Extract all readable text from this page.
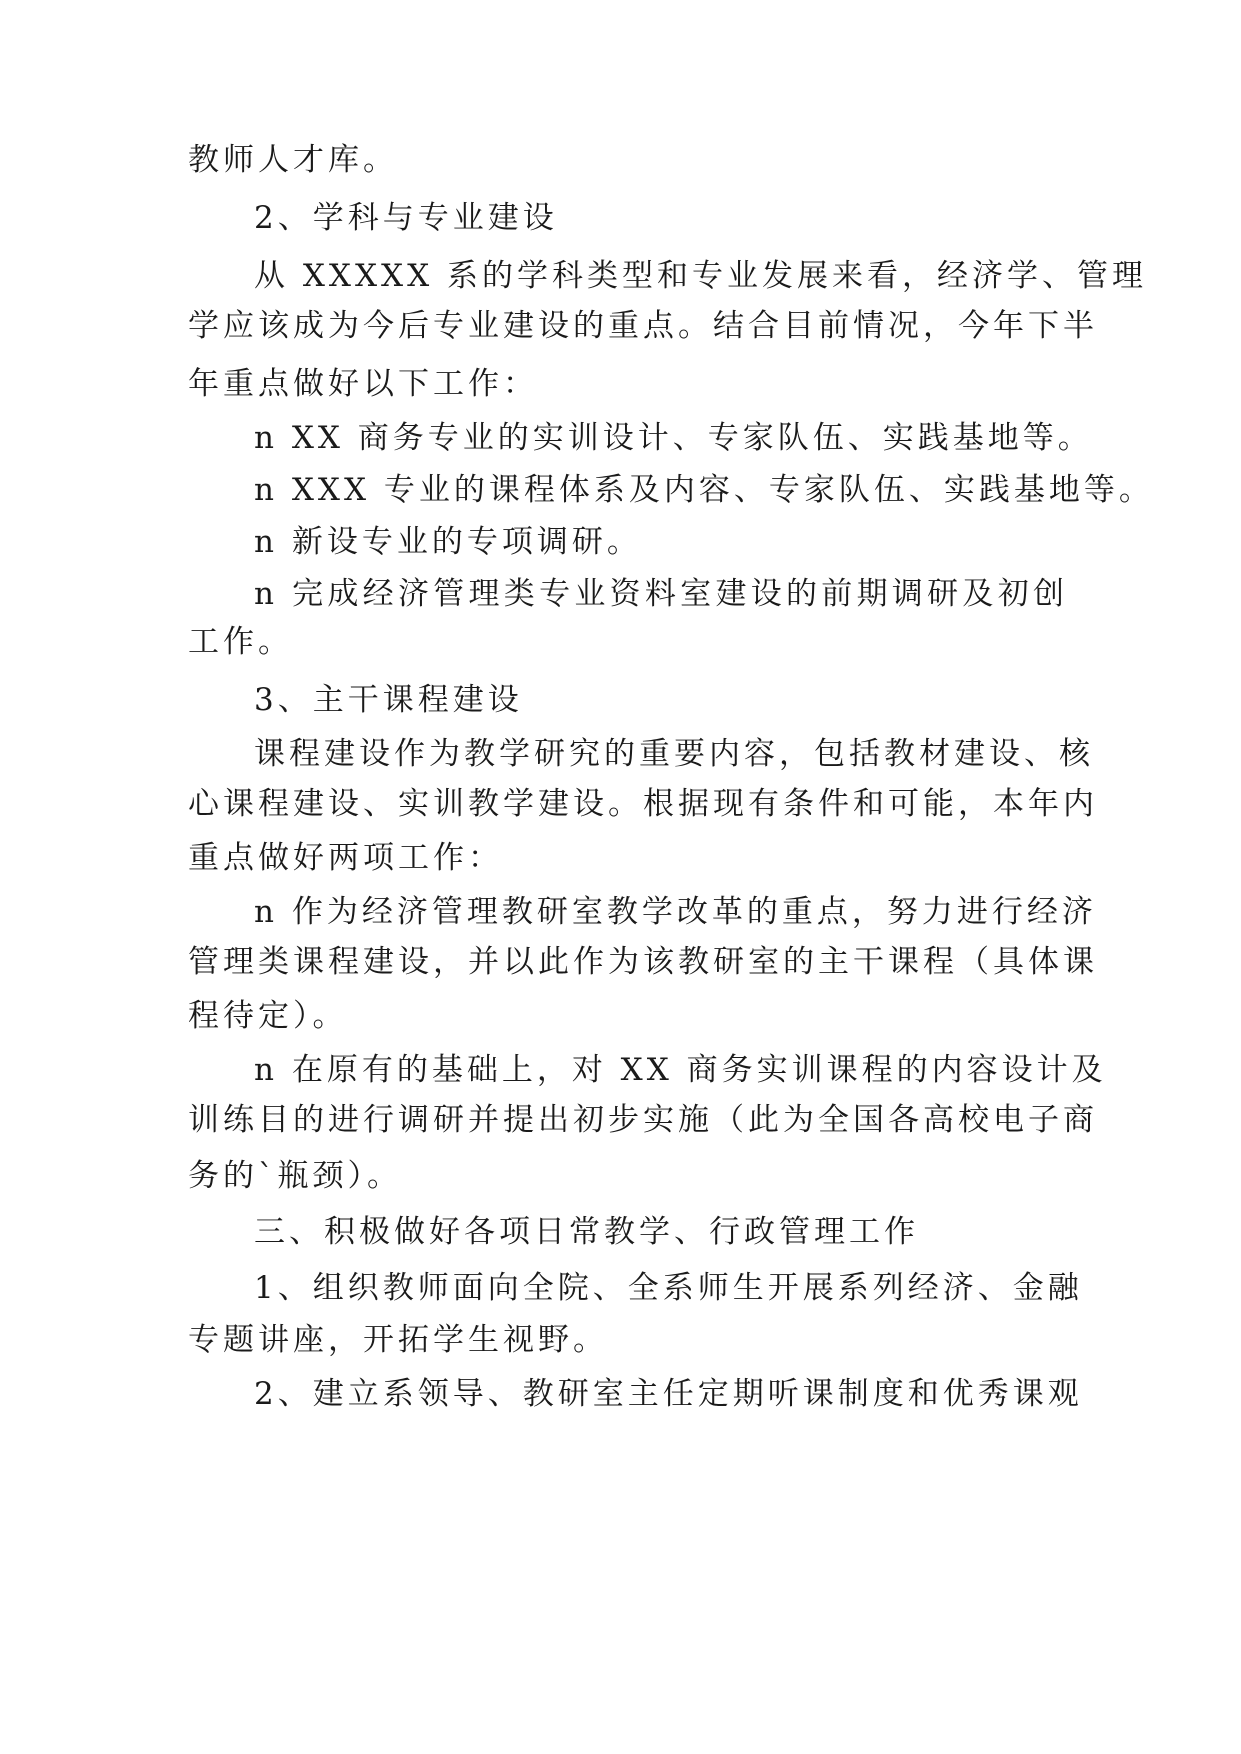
教师人才库。
2、学科与专业建设
从 XXXXX 系的学科类型和专业发展来看，经济学、管理
学应该成为今后专业建设的重点。结合目前情况，今年下半
年重点做好以下工作：
n XX 商务专业的实训设计、专家队伍、实践基地等。
n XXX 专业的课程体系及内容、专家队伍、实践基地等。
n 新设专业的专项调研。
n 完成经济管理类专业资料室建设的前期调研及初创
工作。
3、主干课程建设
课程建设作为教学研究的重要内容，包括教材建设、核
心课程建设、实训教学建设。根据现有条件和可能，本年内
重点做好两项工作：
n 作为经济管理教研室教学改革的重点，努力进行经济
管理类课程建设，并以此作为该教研室的主干课程（具体课
程待定）。
n 在原有的基础上，对 XX 商务实训课程的内容设计及
训练目的进行调研并提出初步实施（此为全国各高校电子商
务的`瓶颈）。
三、积极做好各项日常教学、行政管理工作
1、组织教师面向全院、全系师生开展系列经济、金融
专题讲座，开拓学生视野。
2、建立系领导、教研室主任定期听课制度和优秀课观
